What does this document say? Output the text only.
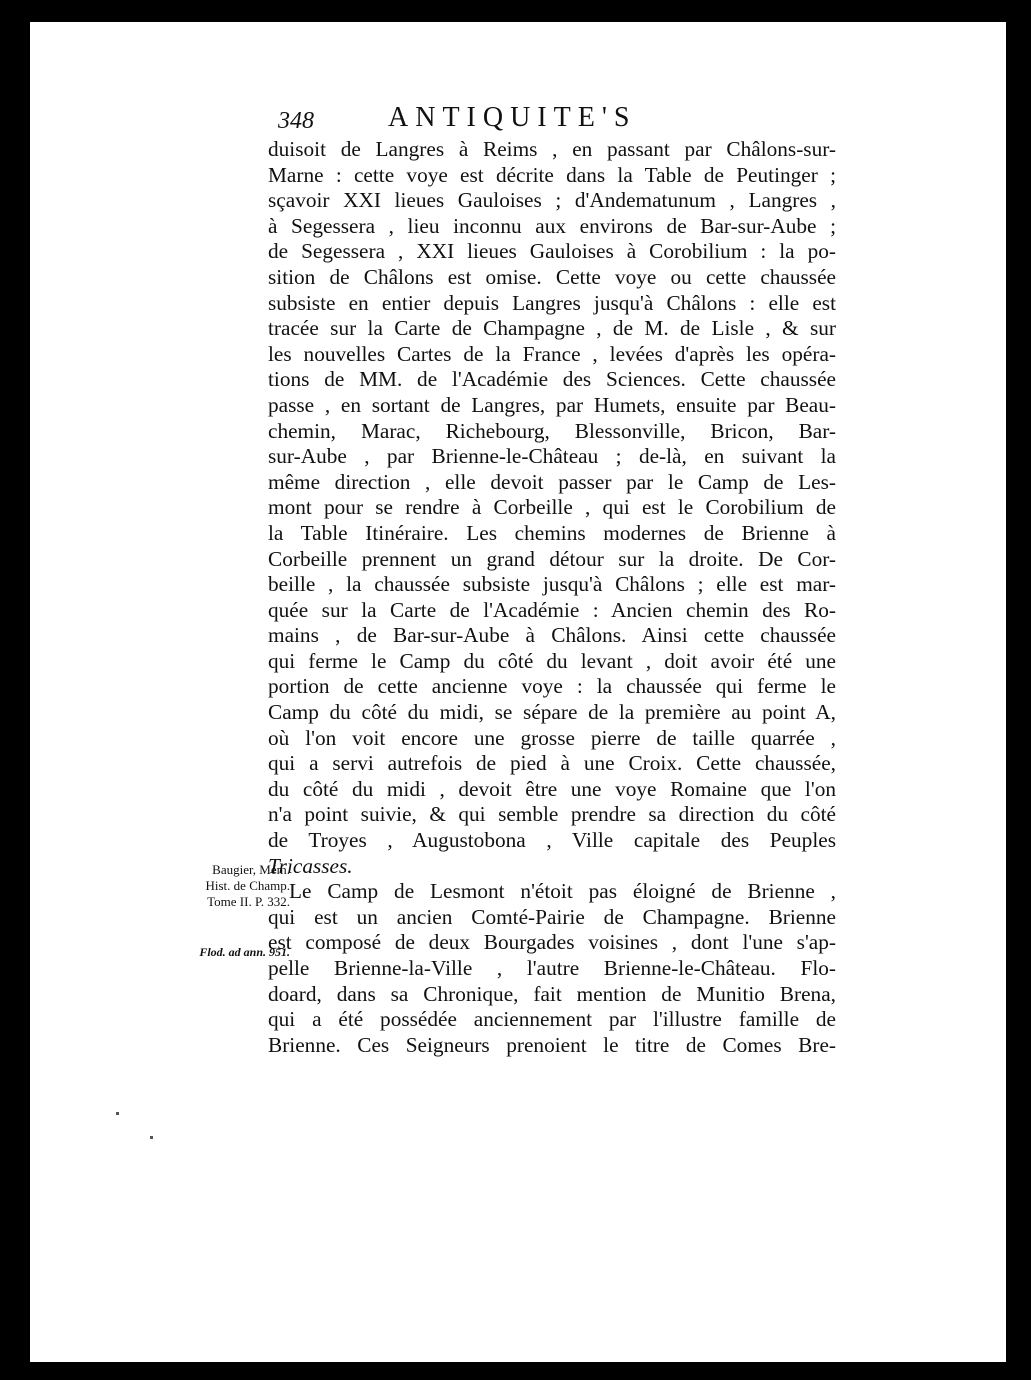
348	ANTIQUITE'S
duisoit de Langres à Reims , en passant par Châlons-sur-
Marne : cette voye est décrite dans la Table de Peutinger ;
sçavoir XXI lieues Gauloises ; d'Andematunum , Langres ,
à Segessera , lieu inconnu aux environs de Bar-sur-Aube ;
de Segessera , XXI lieues Gauloises à Corobilium : la po-
sition de Châlons est omise. Cette voye ou cette chaussée
subsiste en entier depuis Langres jusqu'à Châlons : elle est
tracée sur la Carte de Champagne , de M. de Lisle , & sur
les nouvelles Cartes de la France , levées d'après les opéra-
tions de MM. de l'Académie des Sciences. Cette chaussée
passe , en sortant de Langres, par Humets, ensuite par Beau-
chemin, Marac, Richebourg, Blessonville, Bricon, Bar-
sur-Aube , par Brienne-le-Château ; de-là, en suivant la
même direction , elle devoit passer par le Camp de Les-
mont pour se rendre à Corbeille , qui est le Corobilium de
la Table Itinéraire. Les chemins modernes de Brienne à
Corbeille prennent un grand détour sur la droite. De Cor-
beille , la chaussée subsiste jusqu'à Châlons ; elle est mar-
quée sur la Carte de l'Académie : Ancien chemin des Ro-
mains , de Bar-sur-Aube à Châlons. Ainsi cette chaussée
qui ferme le Camp du côté du levant , doit avoir été une
portion de cette ancienne voye : la chaussée qui ferme le
Camp du côté du midi, se sépare de la première au point A,
où l'on voit encore une grosse pierre de taille quarrée ,
qui a servi autrefois de pied à une Croix. Cette chaussée,
du côté du midi , devoit être une voye Romaine que l'on
n'a point suivie, & qui semble prendre sa direction du côté
de Troyes , Augustobona , Ville capitale des Peuples
Tricasses.
Le Camp de Lesmont n'étoit pas éloigné de Brienne ,
qui est un ancien Comté-Pairie de Champagne. Brienne
est composé de deux Bourgades voisines , dont l'une s'ap-
pelle Brienne-la-Ville , l'autre Brienne-le-Château. Flo-
doard, dans sa Chronique, fait mention de Munitio Brena,
qui a été possédée anciennement par l'illustre famille de
Brienne. Ces Seigneurs prenoient le titre de Comes Bre-
Baugier, Mém.
Hist. de Champ.
Tome II. P. 332.
Flod. ad ann. 951.
